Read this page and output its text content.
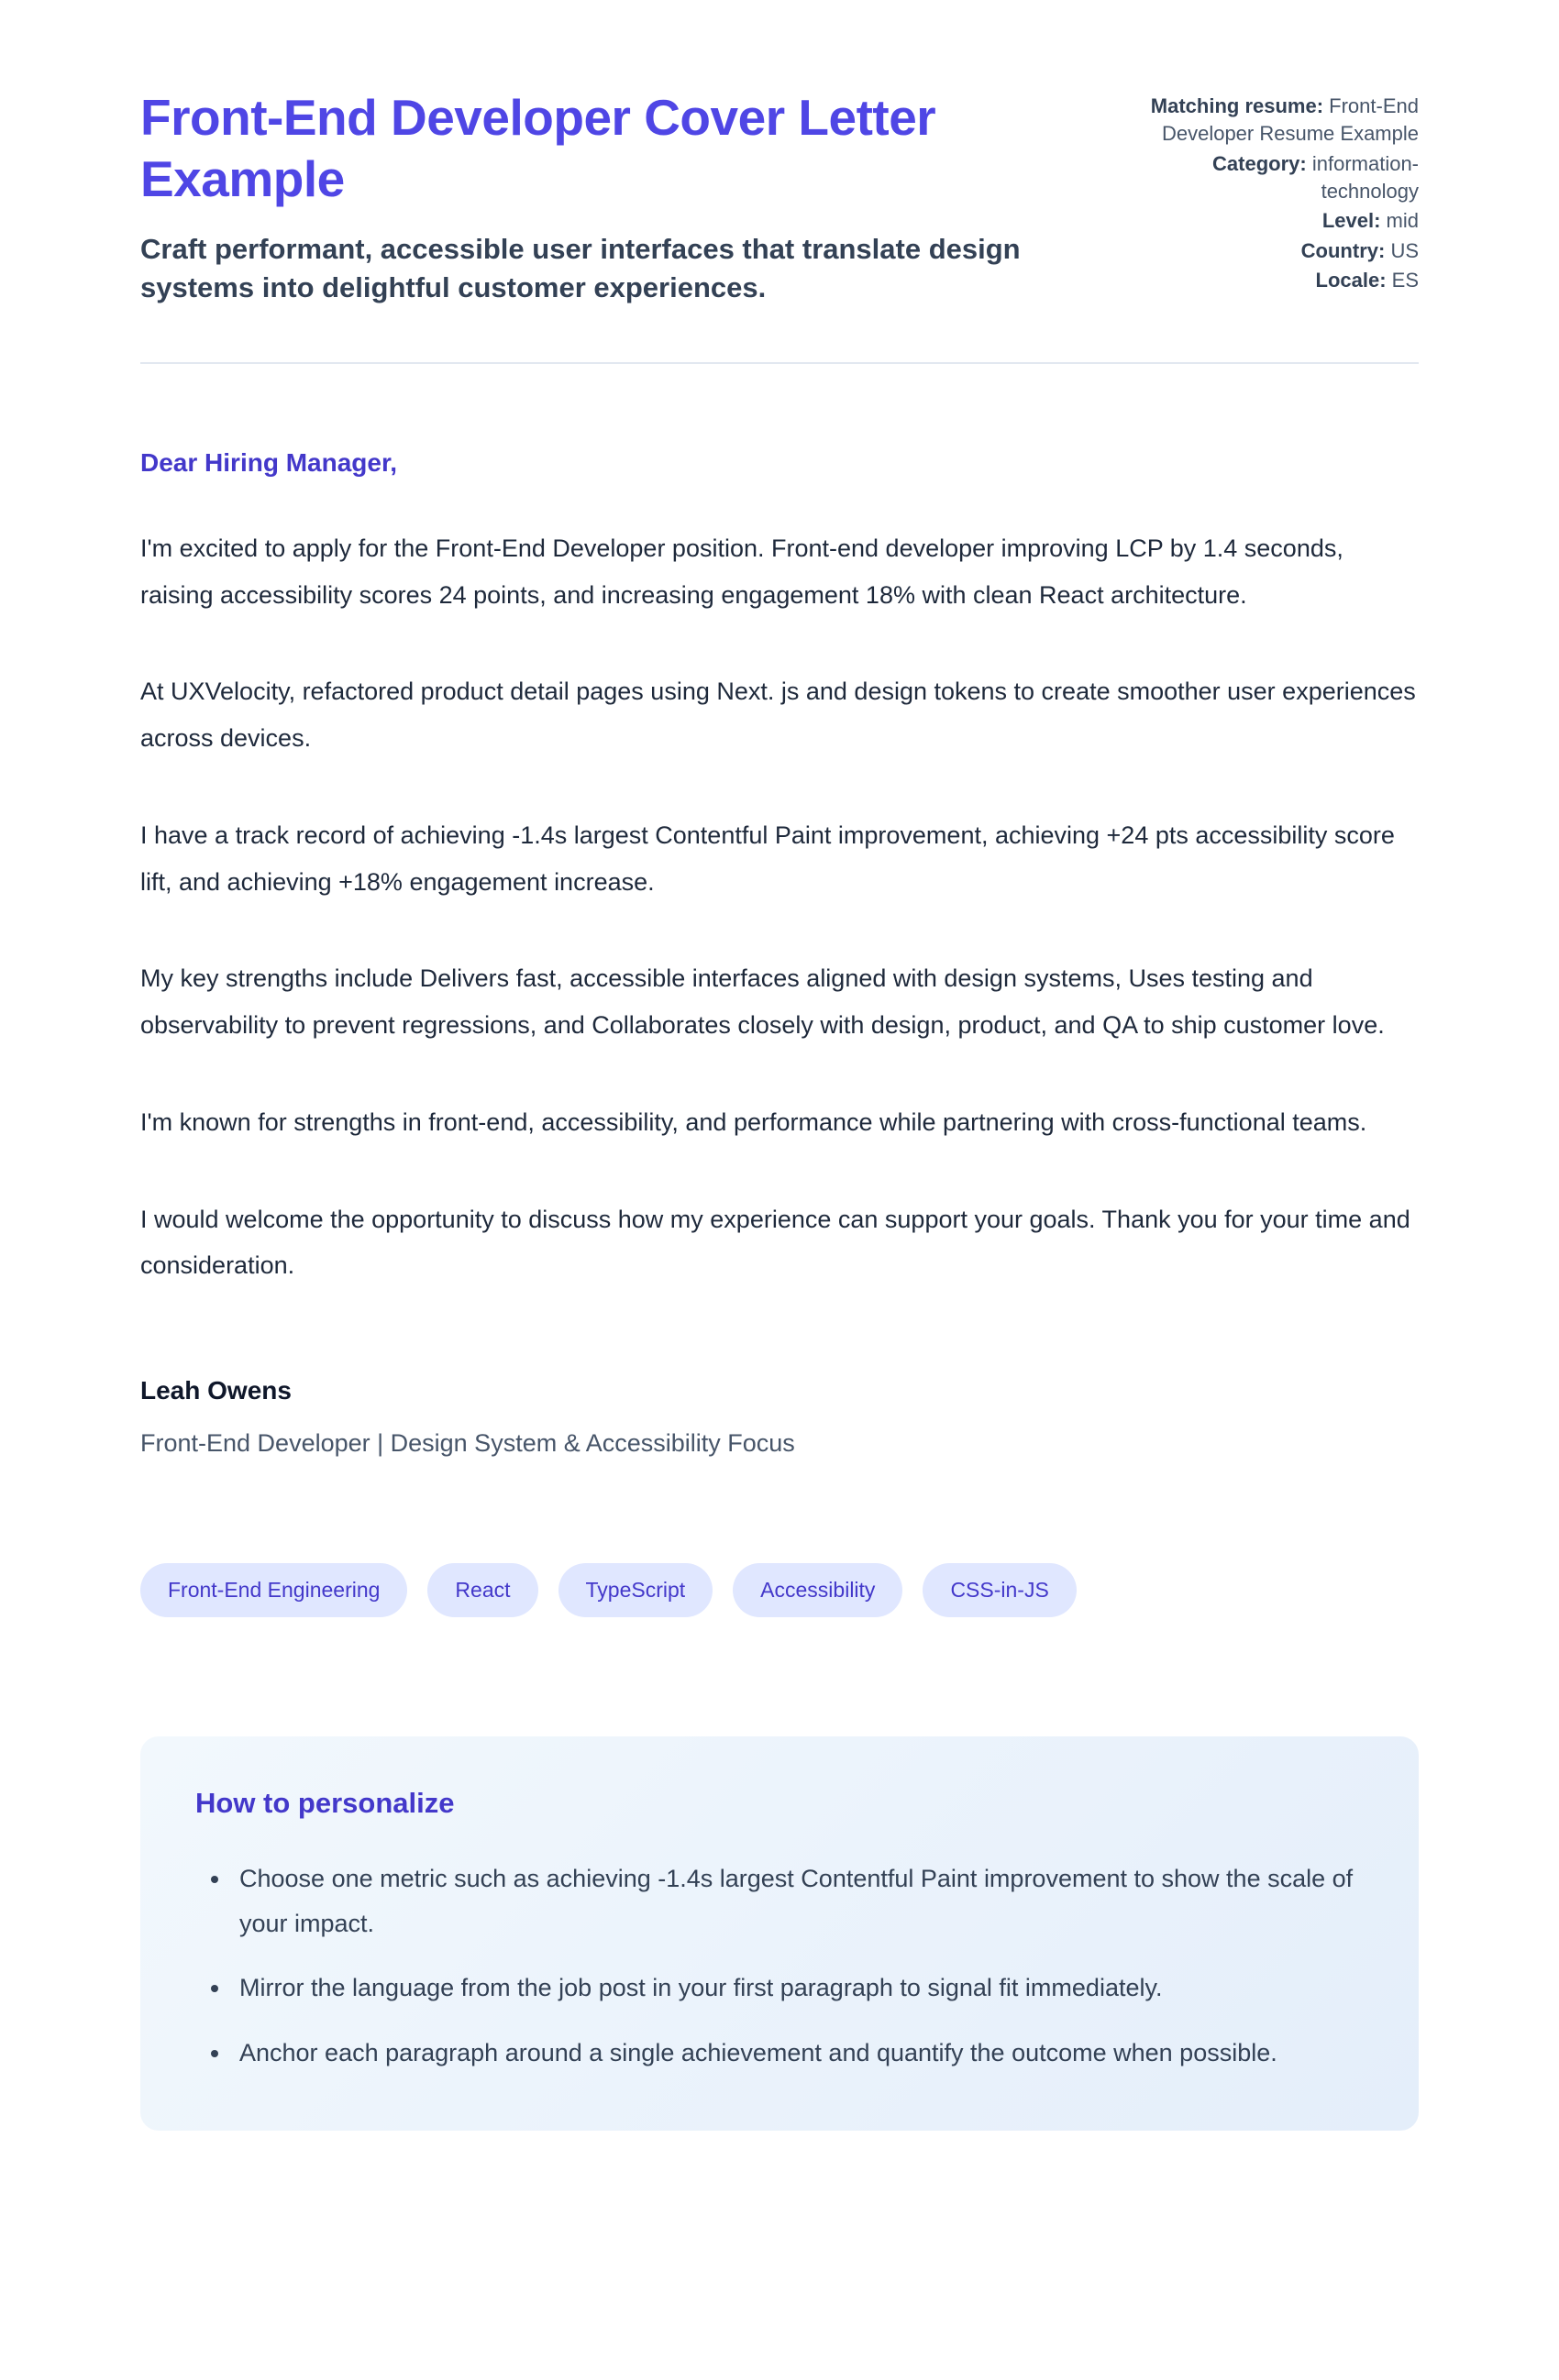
Front-End Developer Cover Letter Example

Craft performant, accessible user interfaces that translate design systems into delightful customer experiences.

Matching resume: Front-End Developer Resume Example
Category: information-technology
Level: mid
Country: US
Locale: ES

Dear Hiring Manager,

I'm excited to apply for the Front-End Developer position. Front-end developer improving LCP by 1.4 seconds, raising accessibility scores 24 points, and increasing engagement 18% with clean React architecture.

At UXVelocity, refactored product detail pages using Next. js and design tokens to create smoother user experiences across devices.

I have a track record of achieving -1.4s largest Contentful Paint improvement, achieving +24 pts accessibility score lift, and achieving +18% engagement increase.

My key strengths include Delivers fast, accessible interfaces aligned with design systems, Uses testing and observability to prevent regressions, and Collaborates closely with design, product, and QA to ship customer love.

I'm known for strengths in front-end, accessibility, and performance while partnering with cross-functional teams.

I would welcome the opportunity to discuss how my experience can support your goals. Thank you for your time and consideration.

Leah Owens

Front-End Developer | Design System & Accessibility Focus

Front-End Engineering	React	TypeScript	Accessibility	CSS-in-JS
How to personalize
• Choose one metric such as achieving -1.4s largest Contentful Paint improvement to show the scale of your impact.
• Mirror the language from the job post in your first paragraph to signal fit immediately.
• Anchor each paragraph around a single achievement and quantify the outcome when possible.
